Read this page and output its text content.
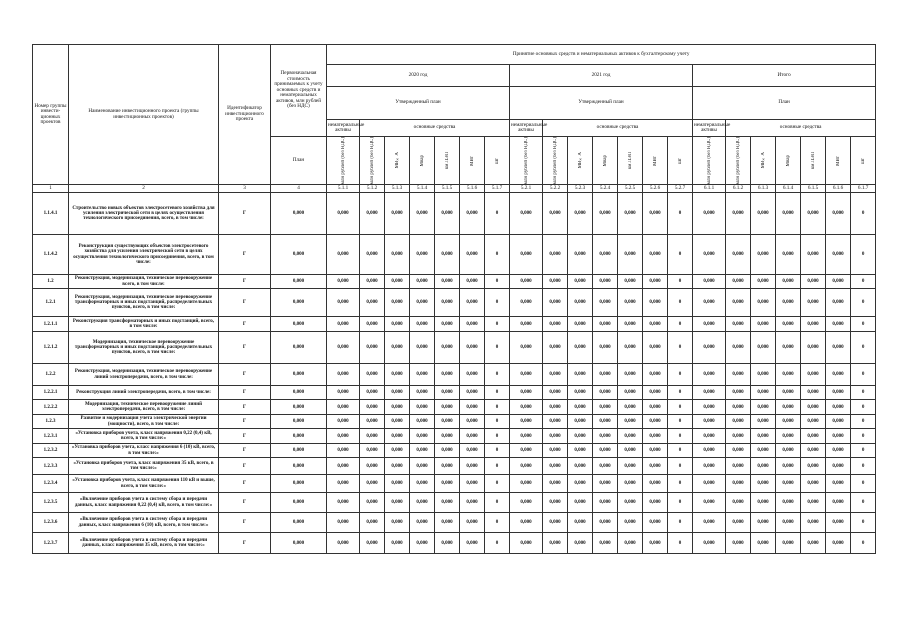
Номер группы инвести-ционных проектов	Наименование инвестиционного проекта (группы инвестиционных проектов)	Идентификатор инвестиционного проекта	Первоначальная стоимость принимаемых к учету основных средств и нематериальных активов, млн рублей (без НДС)	Принятие основных средств и нематериальных активов к бухгалтерскому учету																				
				2020 год							2021 год							Итого						
				Утвержденный план							Утвержденный план							План						
				нематериальные активы	основные средства						нематериальные активы	основные средства						нематериальные активы	основные средства					
			План	млн рублей (без НДС)	млн рублей (без НДС)	МВ×А	Мвар	км ЛЭП	МВт	шт	млн рублей (без НДС)	млн рублей (без НДС)	МВ×А	Мвар	км ЛЭП	МВт	шт	млн рублей (без НДС)	млн рублей (без НДС)	МВ×А	Мвар	км ЛЭП	МВт	шт

1	2	3	4	5.1.1	5.1.2	5.1.3	5.1.4	5.1.5	5.1.6	5.1.7	5.2.1	5.2.2	5.2.3	5.2.4	5.2.5	5.2.6	5.2.7	6.1.1	6.1.2	6.1.3	6.1.4	6.1.5	6.1.6	6.1.7
1.1.4.1	Строительство новых объектов электросетевого хозяйства для усиления электрической сети в целях осуществления технологического присоединения, всего, в том числе:	Г	0,000	0,000	0,000	0,000	0,000	0,000	0,000	0	0,000	0,000	0,000	0,000	0,000	0,000	0	0,000	0,000	0,000	0,000	0,000	0,000	0
1.1.4.2	Реконструкция существующих объектов электросетевого хозяйства для усиления электрической сети в целях осуществления технологического присоединения, всего, в том числе:	Г	0,000	0,000	0,000	0,000	0,000	0,000	0,000	0	0,000	0,000	0,000	0,000	0,000	0,000	0	0,000	0,000	0,000	0,000	0,000	0,000	0
1.2	Реконструкция, модернизация, техническое перевооружение всего, в том числе:	Г	0,000	0,000	0,000	0,000	0,000	0,000	0,000	0	0,000	0,000	0,000	0,000	0,000	0,000	0	0,000	0,000	0,000	0,000	0,000	0,000	0
1.2.1	Реконструкция, модернизация, техническое перевооружение трансформаторных и иных подстанций, распределительных пунктов, всего, в том числе:	Г	0,000	0,000	0,000	0,000	0,000	0,000	0,000	0	0,000	0,000	0,000	0,000	0,000	0,000	0	0,000	0,000	0,000	0,000	0,000	0,000	0
1.2.1.1	Реконструкция трансформаторных и иных подстанций, всего, в том числе:	Г	0,000	0,000	0,000	0,000	0,000	0,000	0,000	0	0,000	0,000	0,000	0,000	0,000	0,000	0	0,000	0,000	0,000	0,000	0,000	0,000	0
1.2.1.2	Модернизация, техническое перевооружение трансформаторных и иных подстанций, распределительных пунктов, всего, в том числе:	Г	0,000	0,000	0,000	0,000	0,000	0,000	0,000	0	0,000	0,000	0,000	0,000	0,000	0,000	0	0,000	0,000	0,000	0,000	0,000	0,000	0
1.2.2	Реконструкция, модернизация, техническое перевооружение линий электропередачи, всего, в том числе:	Г	0,000	0,000	0,000	0,000	0,000	0,000	0,000	0	0,000	0,000	0,000	0,000	0,000	0,000	0	0,000	0,000	0,000	0,000	0,000	0,000	0
1.2.2.1	Реконструкция линий электропередачи, всего, в том числе:	Г	0,000	0,000	0,000	0,000	0,000	0,000	0,000	0	0,000	0,000	0,000	0,000	0,000	0,000	0	0,000	0,000	0,000	0,000	0,000	0,000	0
1.2.2.2	Модернизация, техническое перевооружение линий электропередачи, всего, в том числе:	Г	0,000	0,000	0,000	0,000	0,000	0,000	0,000	0	0,000	0,000	0,000	0,000	0,000	0,000	0	0,000	0,000	0,000	0,000	0,000	0,000	0
1.2.3	Развитие и модернизация учета электрической энергии (мощности), всего, в том числе:	Г	0,000	0,000	0,000	0,000	0,000	0,000	0,000	0	0,000	0,000	0,000	0,000	0,000	0,000	0	0,000	0,000	0,000	0,000	0,000	0,000	0
1.2.3.1	«Установка приборов учета, класс напряжения 0,22 (0,4) кВ, всего, в том числе:»	Г	0,000	0,000	0,000	0,000	0,000	0,000	0,000	0	0,000	0,000	0,000	0,000	0,000	0,000	0	0,000	0,000	0,000	0,000	0,000	0,000	0
1.2.3.2	«Установка приборов учета, класс напряжения 6 (10) кВ, всего, в том числе:»	Г	0,000	0,000	0,000	0,000	0,000	0,000	0,000	0	0,000	0,000	0,000	0,000	0,000	0,000	0	0,000	0,000	0,000	0,000	0,000	0,000	0
1.2.3.3	«Установка приборов учета, класс напряжения 35 кВ, всего, в том числе:»	Г	0,000	0,000	0,000	0,000	0,000	0,000	0,000	0	0,000	0,000	0,000	0,000	0,000	0,000	0	0,000	0,000	0,000	0,000	0,000	0,000	0
1.2.3.4	«Установка приборов учета, класс напряжения 110 кВ и выше, всего, в том числе:»	Г	0,000	0,000	0,000	0,000	0,000	0,000	0,000	0	0,000	0,000	0,000	0,000	0,000	0,000	0	0,000	0,000	0,000	0,000	0,000	0,000	0
1.2.3.5	«Включение приборов учета в систему сбора и передачи данных, класс напряжения 0,22 (0,4) кВ, всего, в том числе:»	Г	0,000	0,000	0,000	0,000	0,000	0,000	0,000	0	0,000	0,000	0,000	0,000	0,000	0,000	0	0,000	0,000	0,000	0,000	0,000	0,000	0
1.2.3.6	«Включение приборов учета в систему сбора и передачи данных, класс напряжения 6 (10) кВ, всего, в том числе:»	Г	0,000	0,000	0,000	0,000	0,000	0,000	0,000	0	0,000	0,000	0,000	0,000	0,000	0,000	0	0,000	0,000	0,000	0,000	0,000	0,000	0
1.2.3.7	«Включение приборов учета в систему сбора и передачи данных, класс напряжения 35 кВ, всего, в том числе:»	Г	0,000	0,000	0,000	0,000	0,000	0,000	0,000	0	0,000	0,000	0,000	0,000	0,000	0,000	0	0,000	0,000	0,000	0,000	0,000	0,000	0
